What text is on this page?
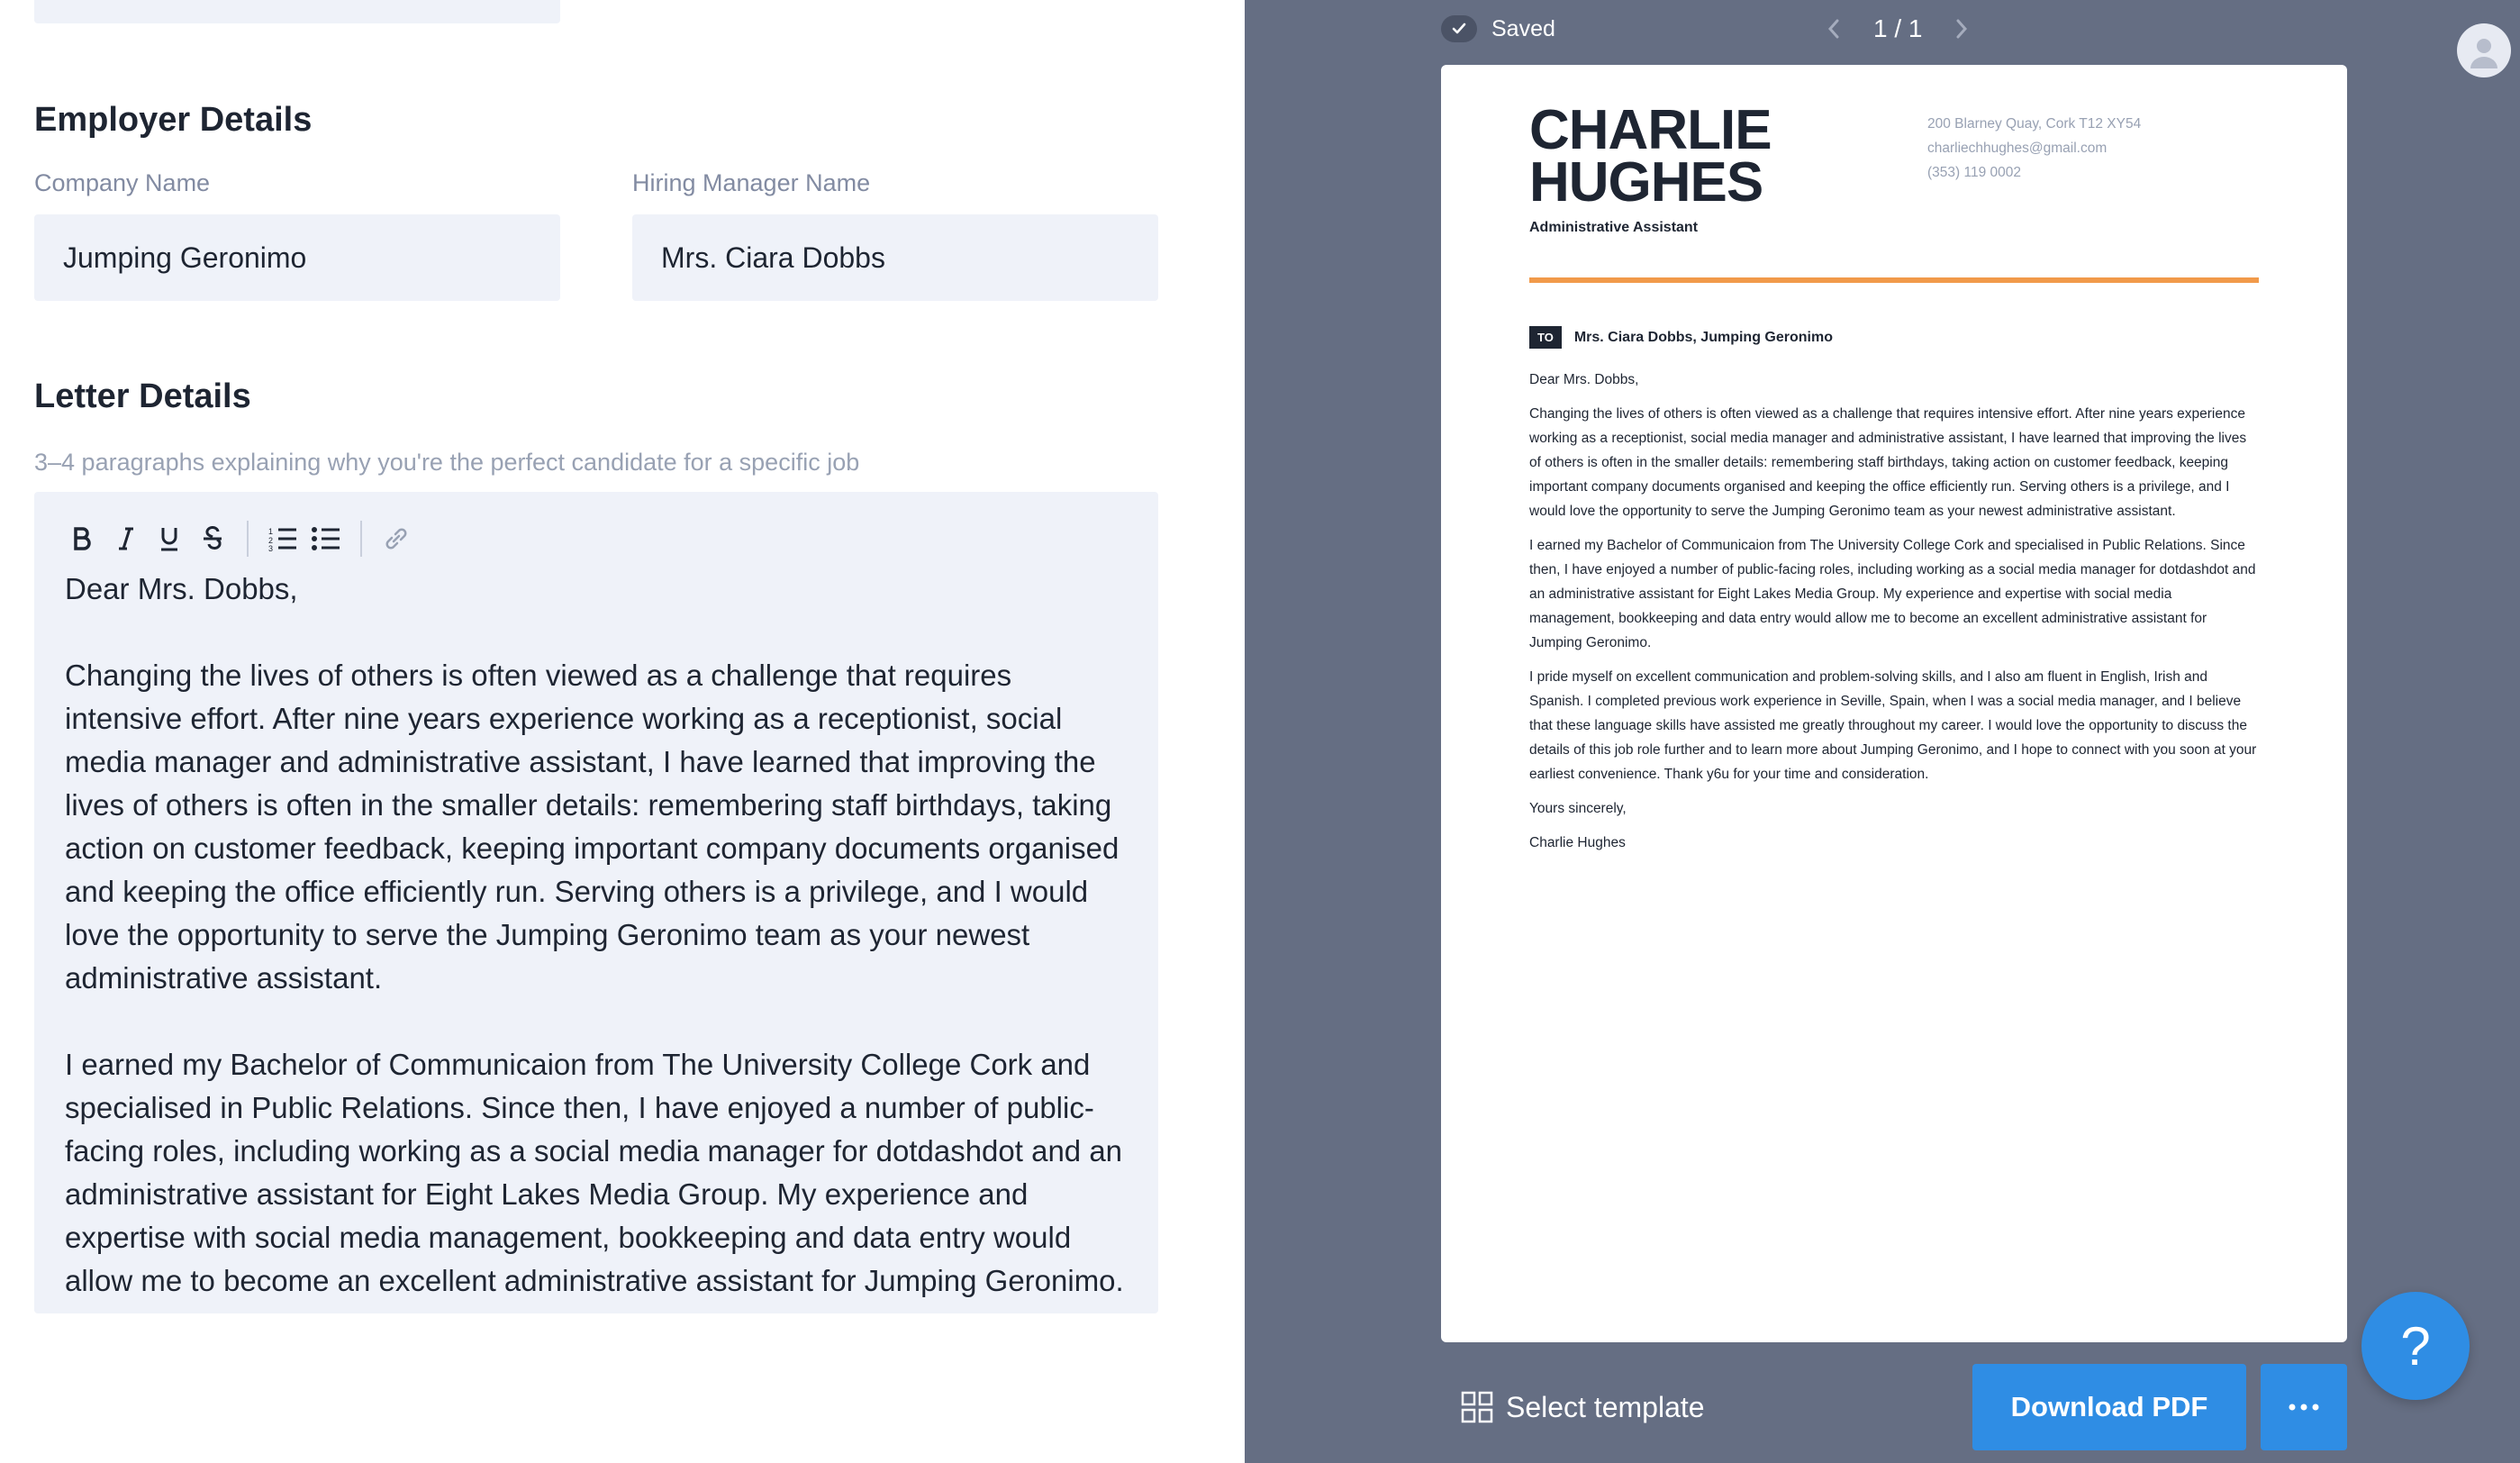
Employer Details
Company Name
Jumping Geronimo
Hiring Manager Name
Mrs. Ciara Dobbs
Letter Details
3–4 paragraphs explaining why you're the perfect candidate for a specific job
1
2
3

Dear Mrs. Dobbs,

Changing the lives of others is often viewed as a challenge that requires intensive effort. After nine years experience working as a receptionist, social media manager and administrative assistant, I have learned that improving the lives of others is often in the smaller details: remembering staff birthdays, taking action on customer feedback, keeping important company documents organised and keeping the office efficiently run. Serving others is a privilege, and I would love the opportunity to serve the Jumping Geronimo team as your newest administrative assistant.

I earned my Bachelor of Communicaion from The University College Cork and specialised in Public Relations. Since then, I have enjoyed a number of public-facing roles, including working as a social media manager for dotdashdot and an administrative assistant for Eight Lakes Media Group. My experience and expertise with social media management, bookkeeping and data entry would allow me to become an excellent administrative assistant for Jumping Geronimo.

Saved	1 / 1
CHARLIE
HUGHES
Administrative Assistant
200 Blarney Quay, Cork T12 XY54
charliechhughes@gmail.com
(353) 119 0002
TO	Mrs. Ciara Dobbs, Jumping Geronimo

Dear Mrs. Dobbs,

Changing the lives of others is often viewed as a challenge that requires intensive effort. After nine years experience working as a receptionist, social media manager and administrative assistant, I have learned that improving the lives of others is often in the smaller details: remembering staff birthdays, taking action on customer feedback, keeping important company documents organised and keeping the office efficiently run. Serving others is a privilege, and I would love the opportunity to serve the Jumping Geronimo team as your newest administrative assistant.

I earned my Bachelor of Communicaion from The University College Cork and specialised in Public Relations. Since then, I have enjoyed a number of public-facing roles, including working as a social media manager for dotdashdot and an administrative assistant for Eight Lakes Media Group. My experience and expertise with social media management, bookkeeping and data entry would allow me to become an excellent administrative assistant for Jumping Geronimo.

I pride myself on excellent communication and problem-solving skills, and I also am fluent in English, Irish and Spanish. I completed previous work experience in Seville, Spain, when I was a social media manager, and I believe that these language skills have assisted me greatly throughout my career. I would love the opportunity to discuss the details of this job role further and to learn more about Jumping Geronimo, and I hope to connect with you soon at your earliest convenience. Thank y6u for your time and consideration.

Yours sincerely,

Charlie Hughes

Select template	Download PDF
?
